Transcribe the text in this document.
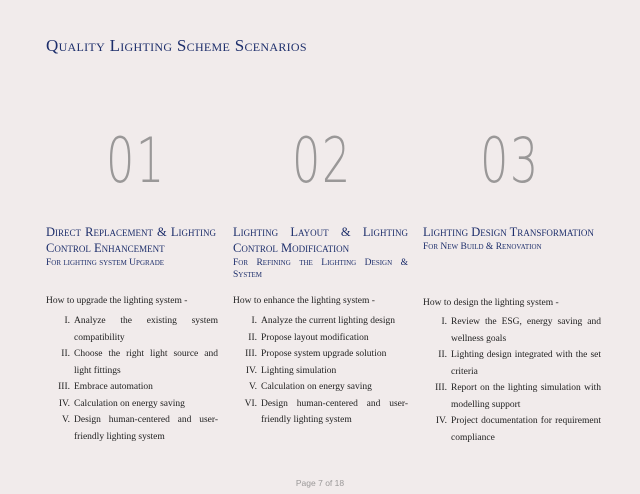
Quality Lighting Scheme Scenarios
01
Direct Replacement & Lighting Control Enhancement
For lighting system Upgrade
How to upgrade the lighting system -
I. Analyze the existing system compatibility
II. Choose the right light source and light fittings
III. Embrace automation
IV. Calculation on energy saving
V. Design human-centered and user-friendly lighting system
02
Lighting Layout & Lighting Control Modification
For Refining the Lighting Design & System
How to enhance the lighting system -
I. Analyze the current lighting design
II. Propose layout modification
III. Propose system upgrade solution
IV. Lighting simulation
V. Calculation on energy saving
VI. Design human-centered and user-friendly lighting system
03
Lighting Design Transformation
For New Build & Renovation
How to design the lighting system -
I. Review the ESG, energy saving and wellness goals
II. Lighting design integrated with the set criteria
III. Report on the lighting simulation with modelling support
IV. Project documentation for requirement compliance
Page 7 of 18
